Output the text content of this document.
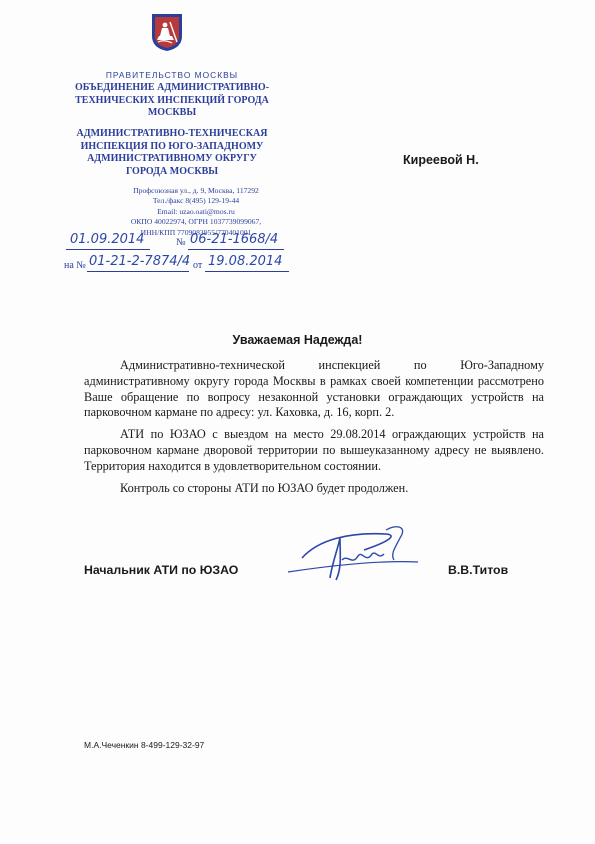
ПРАВИТЕЛЬСТВО МОСКВЫ
ОБЪЕДИНЕНИЕ АДМИНИСТРАТИВНО-
ТЕХНИЧЕСКИХ ИНСПЕКЦИЙ ГОРОДА
МОСКВЫ
АДМИНИСТРАТИВНО-ТЕХНИЧЕСКАЯ
ИНСПЕКЦИЯ ПО ЮГО-ЗАПАДНОМУ
АДМИНИСТРАТИВНОМУ ОКРУГУ
ГОРОДА МОСКВЫ
Профсоюзная ул., д. 9, Москва, 117292
Тел./факс 8(495) 129-19-44
Email: uzao.oati@mos.ru
ОКПО 40022974, ОГРН 1037739099067,
ИНН/КПП 7709083955/770401001
01.09.2014	№ 06-21-1668/4
на № 01-21-2-7874/4 от 19.08.2014
Киреевой Н.
Уважаемая Надежда!

Административно-технической инспекцией по Юго-Западному административному округу города Москвы в рамках своей компетенции рассмотрено Ваше обращение по вопросу незаконной установки ограждающих устройств на парковочном кармане по адресу: ул. Каховка, д. 16, корп. 2.

АТИ по ЮЗАО с выездом на место 29.08.2014 ограждающих устройств на парковочном кармане дворовой территории по вышеуказанному адресу не выявлено. Территория находится в удовлетворительном состоянии.

Контроль со стороны АТИ по ЮЗАО будет продолжен.

Начальник АТИ по ЮЗАО	В.В.Титов
М.А.Чеченкин 8-499-129-32-97
